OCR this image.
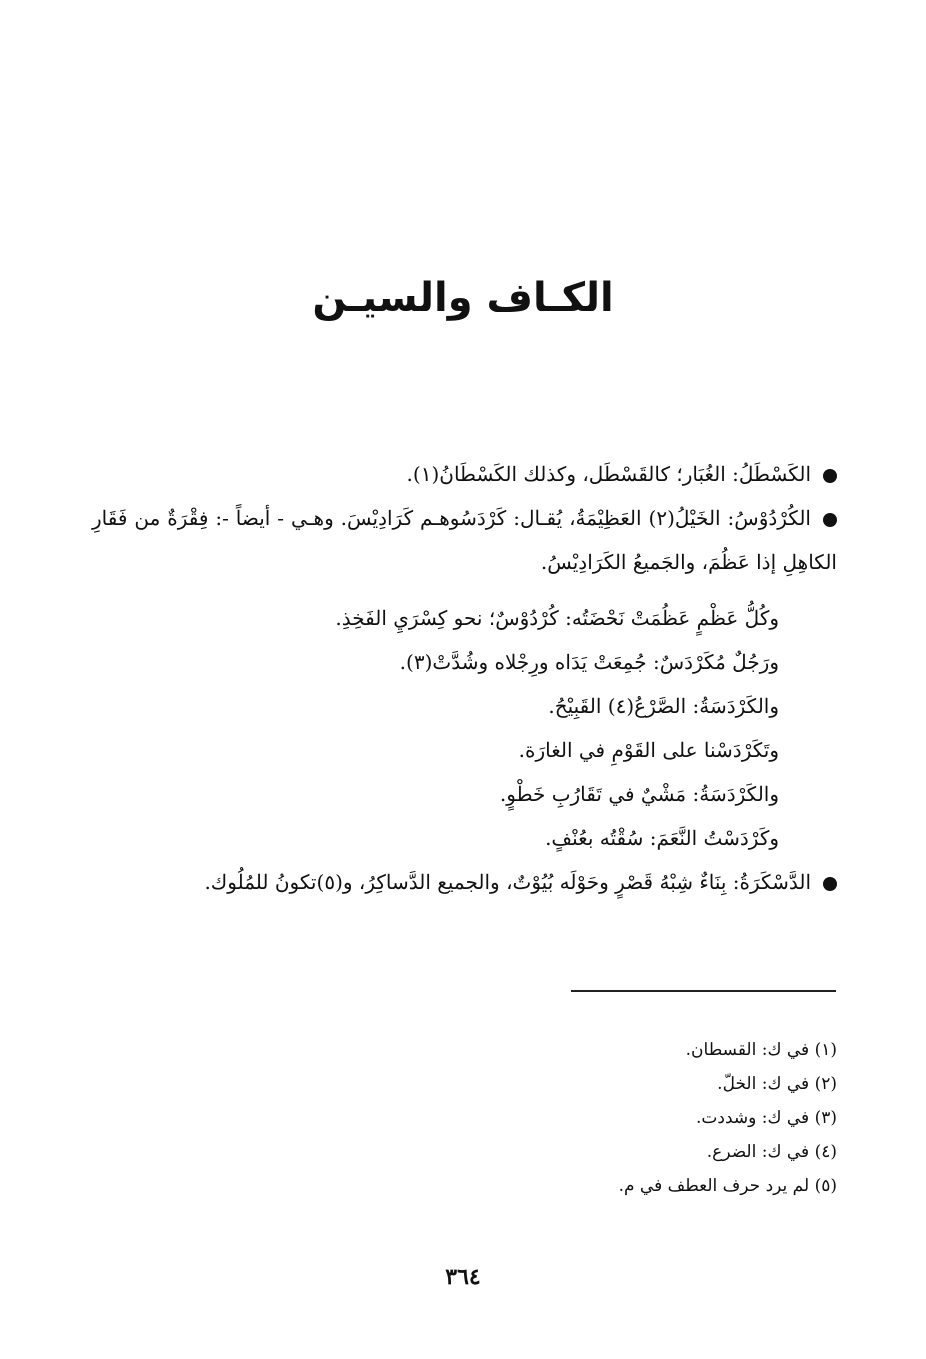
الكـاف والسيـن

الكَسْطَلُ: الغُبَار؛ كالقَسْطَل، وكذلك الكَسْطَانُ(١).

الكُرْدُوْسُ: الخَيْلُ(٢) العَظِيْمَةُ، يُقـال: كَرْدَسُوهـم كَرَادِيْسَ. وهـي - أيضاً -: فِقْرَةٌ من فَقَارِ الكاهِلِ إذا عَظُمَ، والجَميعُ الكَرَادِيْسُ.

وكُلُّ عَظْمٍ عَظُمَتْ نَحْضَتُه: كُرْدُوْسٌ؛ نحو كِسْرَيِ الفَخِذِ.

ورَجُلٌ مُكَرْدَسٌ: جُمِعَتْ يَدَاه ورِجْلاه وشُدَّتْ(٣).

والكَرْدَسَةُ: الصَّرْعُ(٤) القَبِيْحُ.

وتَكَرْدَسْنا على القَوْمِ في الغارَة.

والكَرْدَسَةُ: مَشْيٌ في تَقَارُبِ خَطْوٍ.

وكَرْدَسْتُ النَّعَمَ: سُقْتُه بعُنْفٍ.

الدَّسْكَرَةُ: بِنَاءٌ شِبْهُ قَصْرٍ وحَوْلَه بُيُوْتٌ، والجميع الدَّساكِرُ، و(٥)تكونُ للمُلُوك.

(١) في ك: القسطان.

(٢) في ك: الخلّ.

(٣) في ك: وشددت.

(٤) في ك: الضرع.

(٥) لم يرد حرف العطف في م.

٣٦٤
